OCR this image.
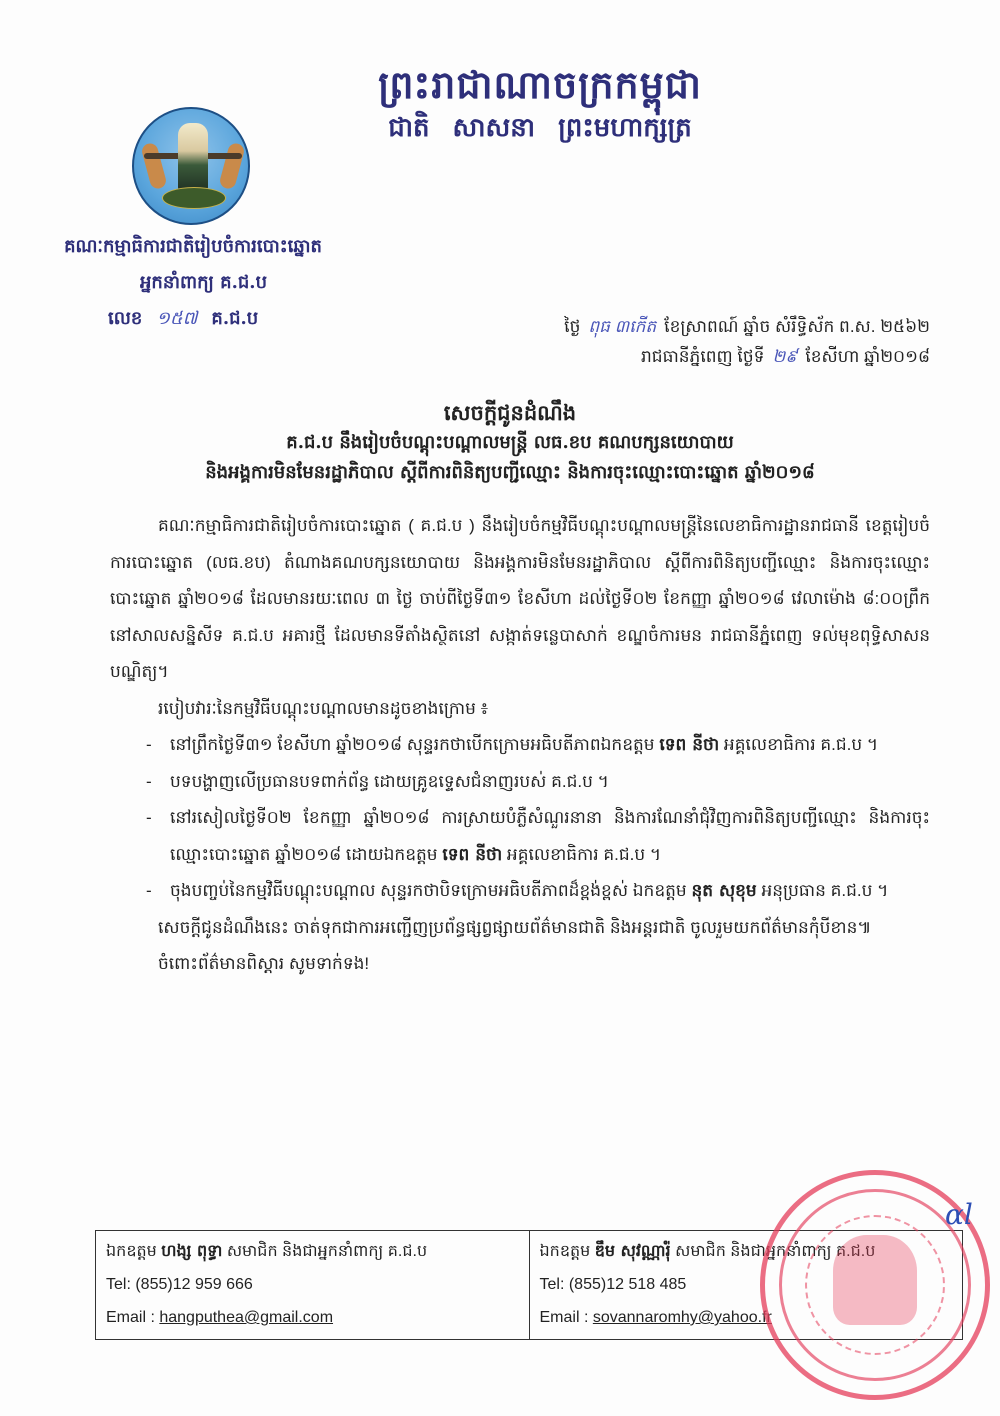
ព្រះរាជាណាចក្រកម្ពុជា
ជាតិ សាសនា ព្រះមហាក្សត្រ
គណៈកម្មាធិការជាតិរៀបចំការបោះឆ្នោត
អ្នកនាំពាក្យ គ.ជ.ប
លេខ ១៥៧ គ.ជ.ប	ថ្ងៃ ពុធ ៣កើត ខែស្រាពណ៍ ឆ្នាំច សំរឹទ្ធិស័ក ព.ស. ២៥៦២
រាជធានីភ្នំពេញ ថ្ងៃទី ២៩ ខែសីហា ឆ្នាំ២០១៨
សេចក្តីជូនដំណឹង
គ.ជ.ប នឹងរៀបចំបណ្តុះបណ្តាលមន្ត្រី លធ.ខប គណបក្សនយោបាយ
និងអង្គការមិនមែនរដ្ឋាភិបាល ស្តីពីការពិនិត្យបញ្ជីឈ្មោះ និងការចុះឈ្មោះបោះឆ្នោត ឆ្នាំ២០១៨

គណៈកម្មាធិការជាតិរៀបចំការបោះឆ្នោត ( គ.ជ.ប ) នឹងរៀបចំកម្មវិធីបណ្តុះបណ្តាលមន្ត្រីនៃលេខាធិការដ្ឋានរាជធានី ខេត្តរៀបចំការបោះឆ្នោត (លធ.ខប) តំណាងគណបក្សនយោបាយ និងអង្គការមិនមែនរដ្ឋាភិបាល ស្តីពីការពិនិត្យបញ្ជីឈ្មោះ និងការចុះឈ្មោះបោះឆ្នោត ឆ្នាំ២០១៨ ដែលមានរយៈពេល ៣ ថ្ងៃ ចាប់ពីថ្ងៃទី៣១ ខែសីហា ដល់ថ្ងៃទី០២ ខែកញ្ញា ឆ្នាំ២០១៨ វេលាម៉ោង ៨:០០ព្រឹក នៅសាលសន្និសីទ គ.ជ.ប អគារថ្មី ដែលមានទីតាំងស្ថិតនៅ សង្កាត់ទន្លេបាសាក់ ខណ្ឌចំការមន រាជធានីភ្នំពេញ ទល់មុខពុទ្ធិសាសនបណ្ឌិត្យ។

របៀបវារៈនៃកម្មវិធីបណ្តុះបណ្តាលមានដូចខាងក្រោម ៖

- នៅព្រឹកថ្ងៃទី៣១ ខែសីហា ឆ្នាំ២០១៨ សុន្ទរកថាបើកក្រោមអធិបតីភាពឯកឧត្តម ទេព នីថា អគ្គលេខាធិការ គ.ជ.ប ។

- បទបង្ហាញលើប្រធានបទពាក់ព័ន្ធ ដោយគ្រូឧទ្ទេសជំនាញរបស់ គ.ជ.ប ។

- នៅរសៀលថ្ងៃទី០២ ខែកញ្ញា ឆ្នាំ២០១៨ ការស្រាយបំភ្លឺសំណួរនានា និងការណែនាំជុំវិញការពិនិត្យបញ្ជីឈ្មោះ និងការចុះឈ្មោះបោះឆ្នោត ឆ្នាំ២០១៨ ដោយឯកឧត្តម ទេព នីថា អគ្គលេខាធិការ គ.ជ.ប ។

- ចុងបញ្ចប់នៃកម្មវិធីបណ្តុះបណ្តាល សុន្ទរកថាបិទក្រោមអធិបតីភាពដ៏ខ្ពង់ខ្ពស់ ឯកឧត្តម នុត សុខុម អនុប្រធាន គ.ជ.ប ។

សេចក្តីជូនដំណឹងនេះ ចាត់ទុកជាការអញ្ជើញប្រព័ន្ធផ្សព្វផ្សាយព័ត៌មានជាតិ និងអន្តរជាតិ ចូលរួមយកព័ត៌មានកុំបីខាន៕

ចំពោះព័ត៌មានពិស្តារ សូមទាក់ទង!

ឯកឧត្តម ហង្ស ពុទ្ធា សមាជិក និងជាអ្នកនាំពាក្យ គ.ជ.ប
Tel: (855)12 959 666
Email : hangputhea@gmail.com
ឯកឧត្តម ឌឹម សុវណ្ណារ៉ុំ សមាជិក និងជាអ្នកនាំពាក្យ គ.ជ.ប
Tel: (855)12 518 485
Email : sovannaromhy@yahoo.fr
ɑl
